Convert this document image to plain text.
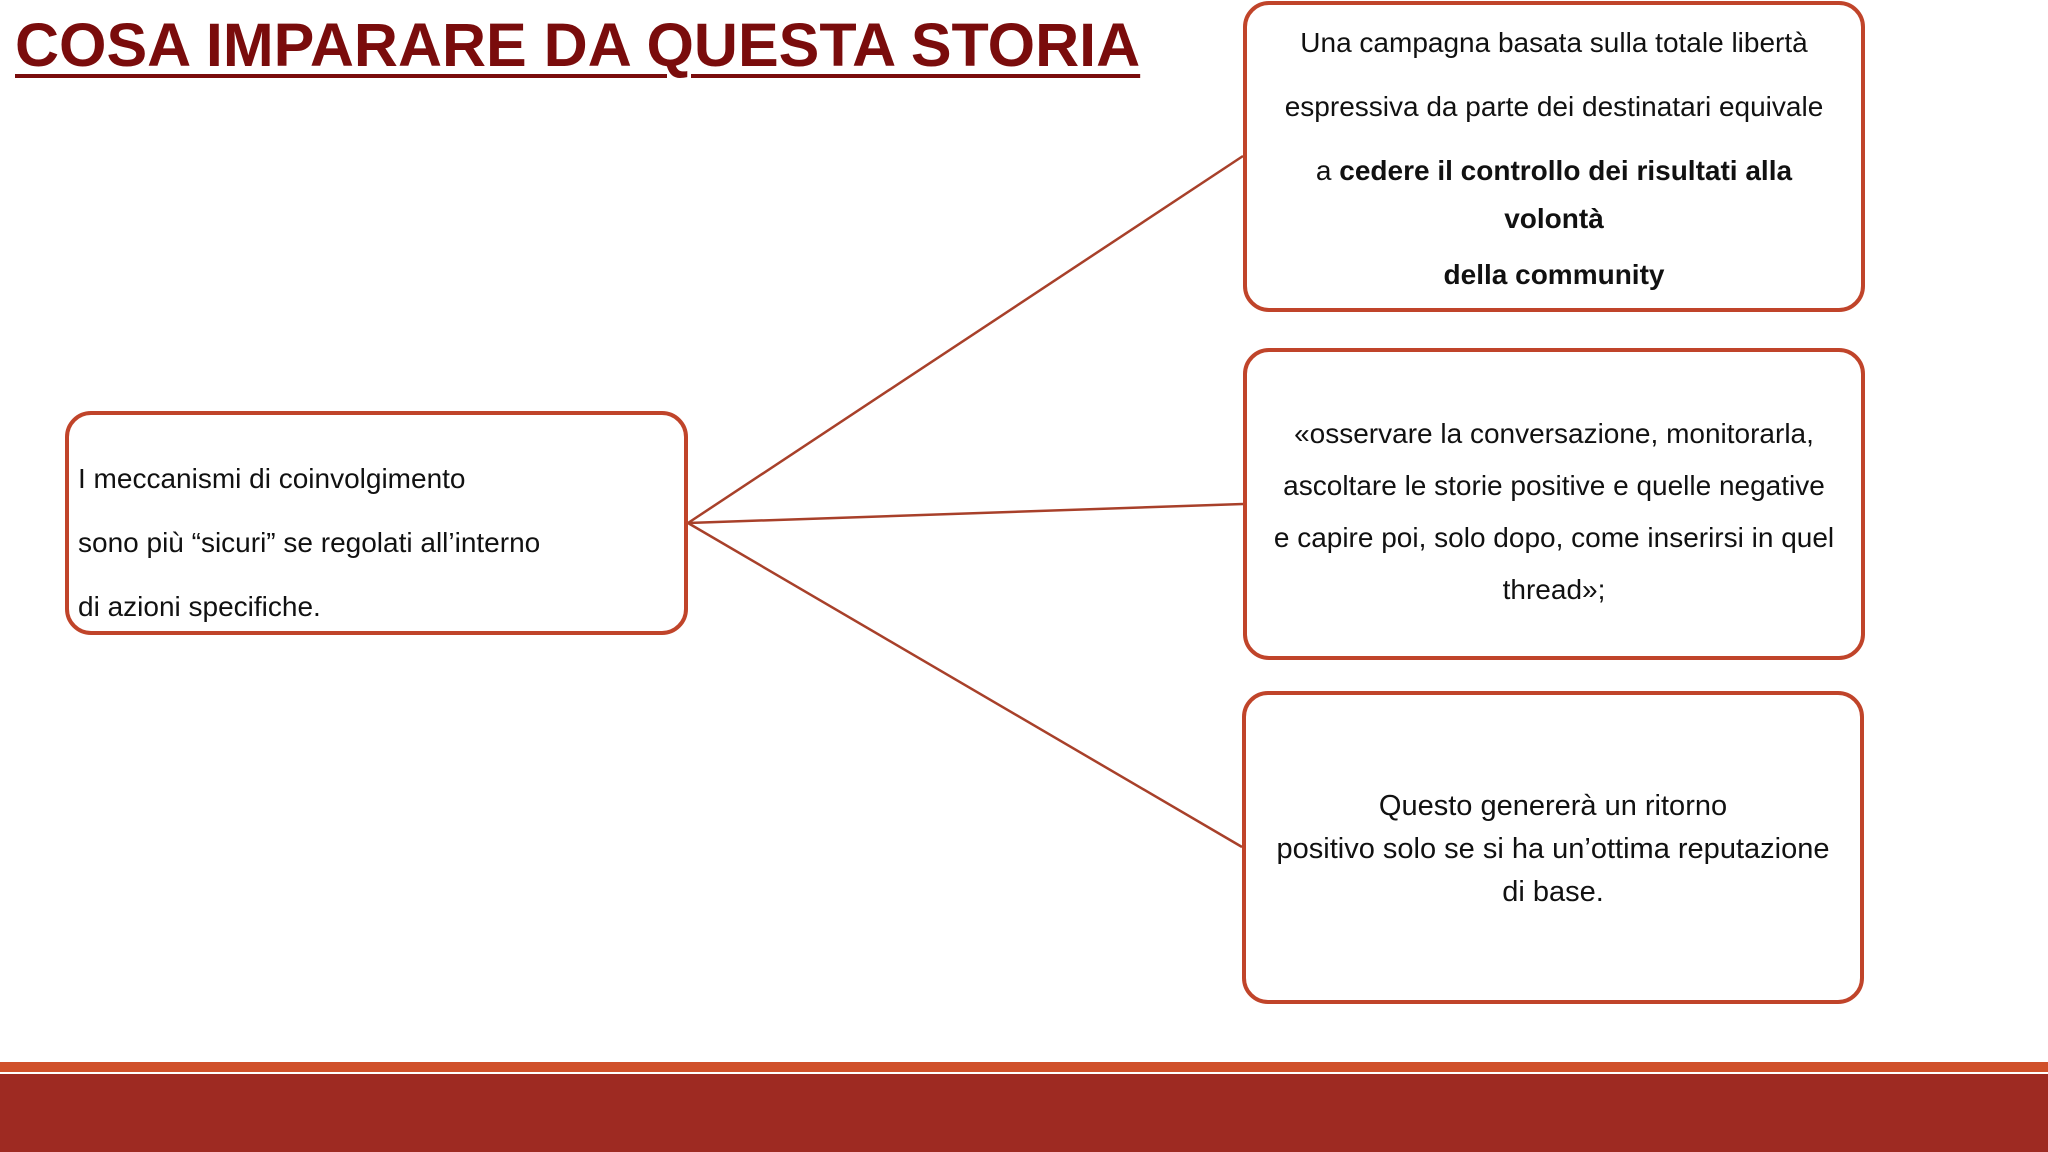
COSA IMPARARE DA QUESTA STORIA

I meccanismi di coinvolgimento

sono più “sicuri” se regolati all’interno

di azioni specifiche.

Una campagna basata sulla totale libertà

espressiva da parte dei destinatari equivale

a cedere il controllo dei risultati alla

volontà

della community

«osservare la conversazione, monitorarla,

ascoltare le storie positive e quelle negative

e capire poi, solo dopo, come inserirsi in quel

thread»;

Questo genererà un ritorno

positivo solo se si ha un’ottima reputazione

di base.
